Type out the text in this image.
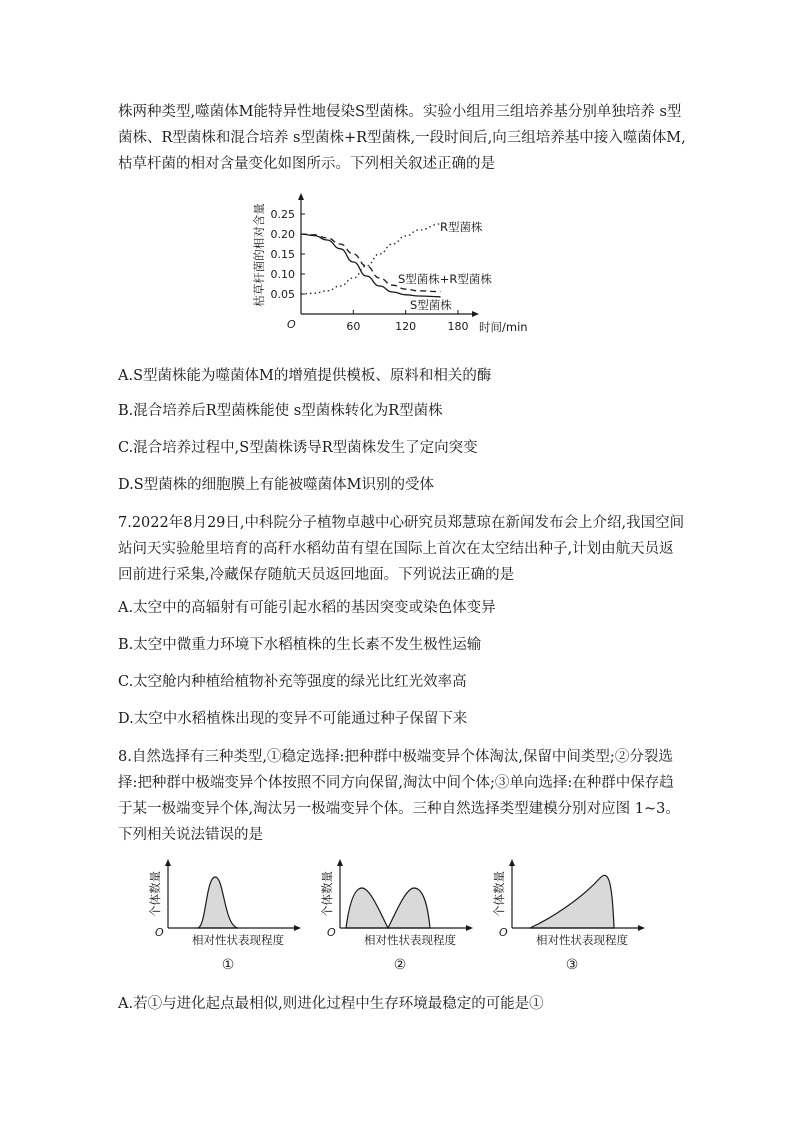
株两种类型,噬菌体M能特异性地侵染S型菌株。实验小组用三组培养基分别单独培养 s型菌株、R型菌株和混合培养 s型菌株+R型菌株,一段时间后,向三组培养基中接入噬菌体M,枯草杆菌的相对含量变化如图所示。下列相关叙述正确的是

O
0.05
0.10
0.15
0.20
0.25
60	120	180 时间/min
枯草杆菌的相对含量	R型菌株
S型菌株+R型菌株
S型菌株
O
个体数量
相对性状表现程度
①
O
个体数量
相对性状表现程度
②
O
个体数量
相对性状表现程度
③

A.S型菌株能为噬菌体M的增殖提供模板、原料和相关的酶

B.混合培养后R型菌株能使 s型菌株转化为R型菌株

C.混合培养过程中,S型菌株诱导R型菌株发生了定向突变

D.S型菌株的细胞膜上有能被噬菌体M识别的受体

7.2022年8月29日,中科院分子植物卓越中心研究员郑慧琼在新闻发布会上介绍,我国空间站问天实验舱里培育的高秆水稻幼苗有望在国际上首次在太空结出种子,计划由航天员返回前进行采集,冷藏保存随航天员返回地面。下列说法正确的是

A.太空中的高辐射有可能引起水稻的基因突变或染色体变异

B.太空中微重力环境下水稻植株的生长素不发生极性运输

C.太空舱内种植给植物补充等强度的绿光比红光效率高

D.太空中水稻植株出现的变异不可能通过种子保留下来

8.自然选择有三种类型,①稳定选择:把种群中极端变异个体淘汰,保留中间类型;②分裂选择:把种群中极端变异个体按照不同方向保留,淘汰中间个体;③单向选择:在种群中保存趋于某一极端变异个体,淘汰另一极端变异个体。三种自然选择类型建模分别对应图 1~3。下列相关说法错误的是

A.若①与进化起点最相似,则进化过程中生存环境最稳定的可能是①
